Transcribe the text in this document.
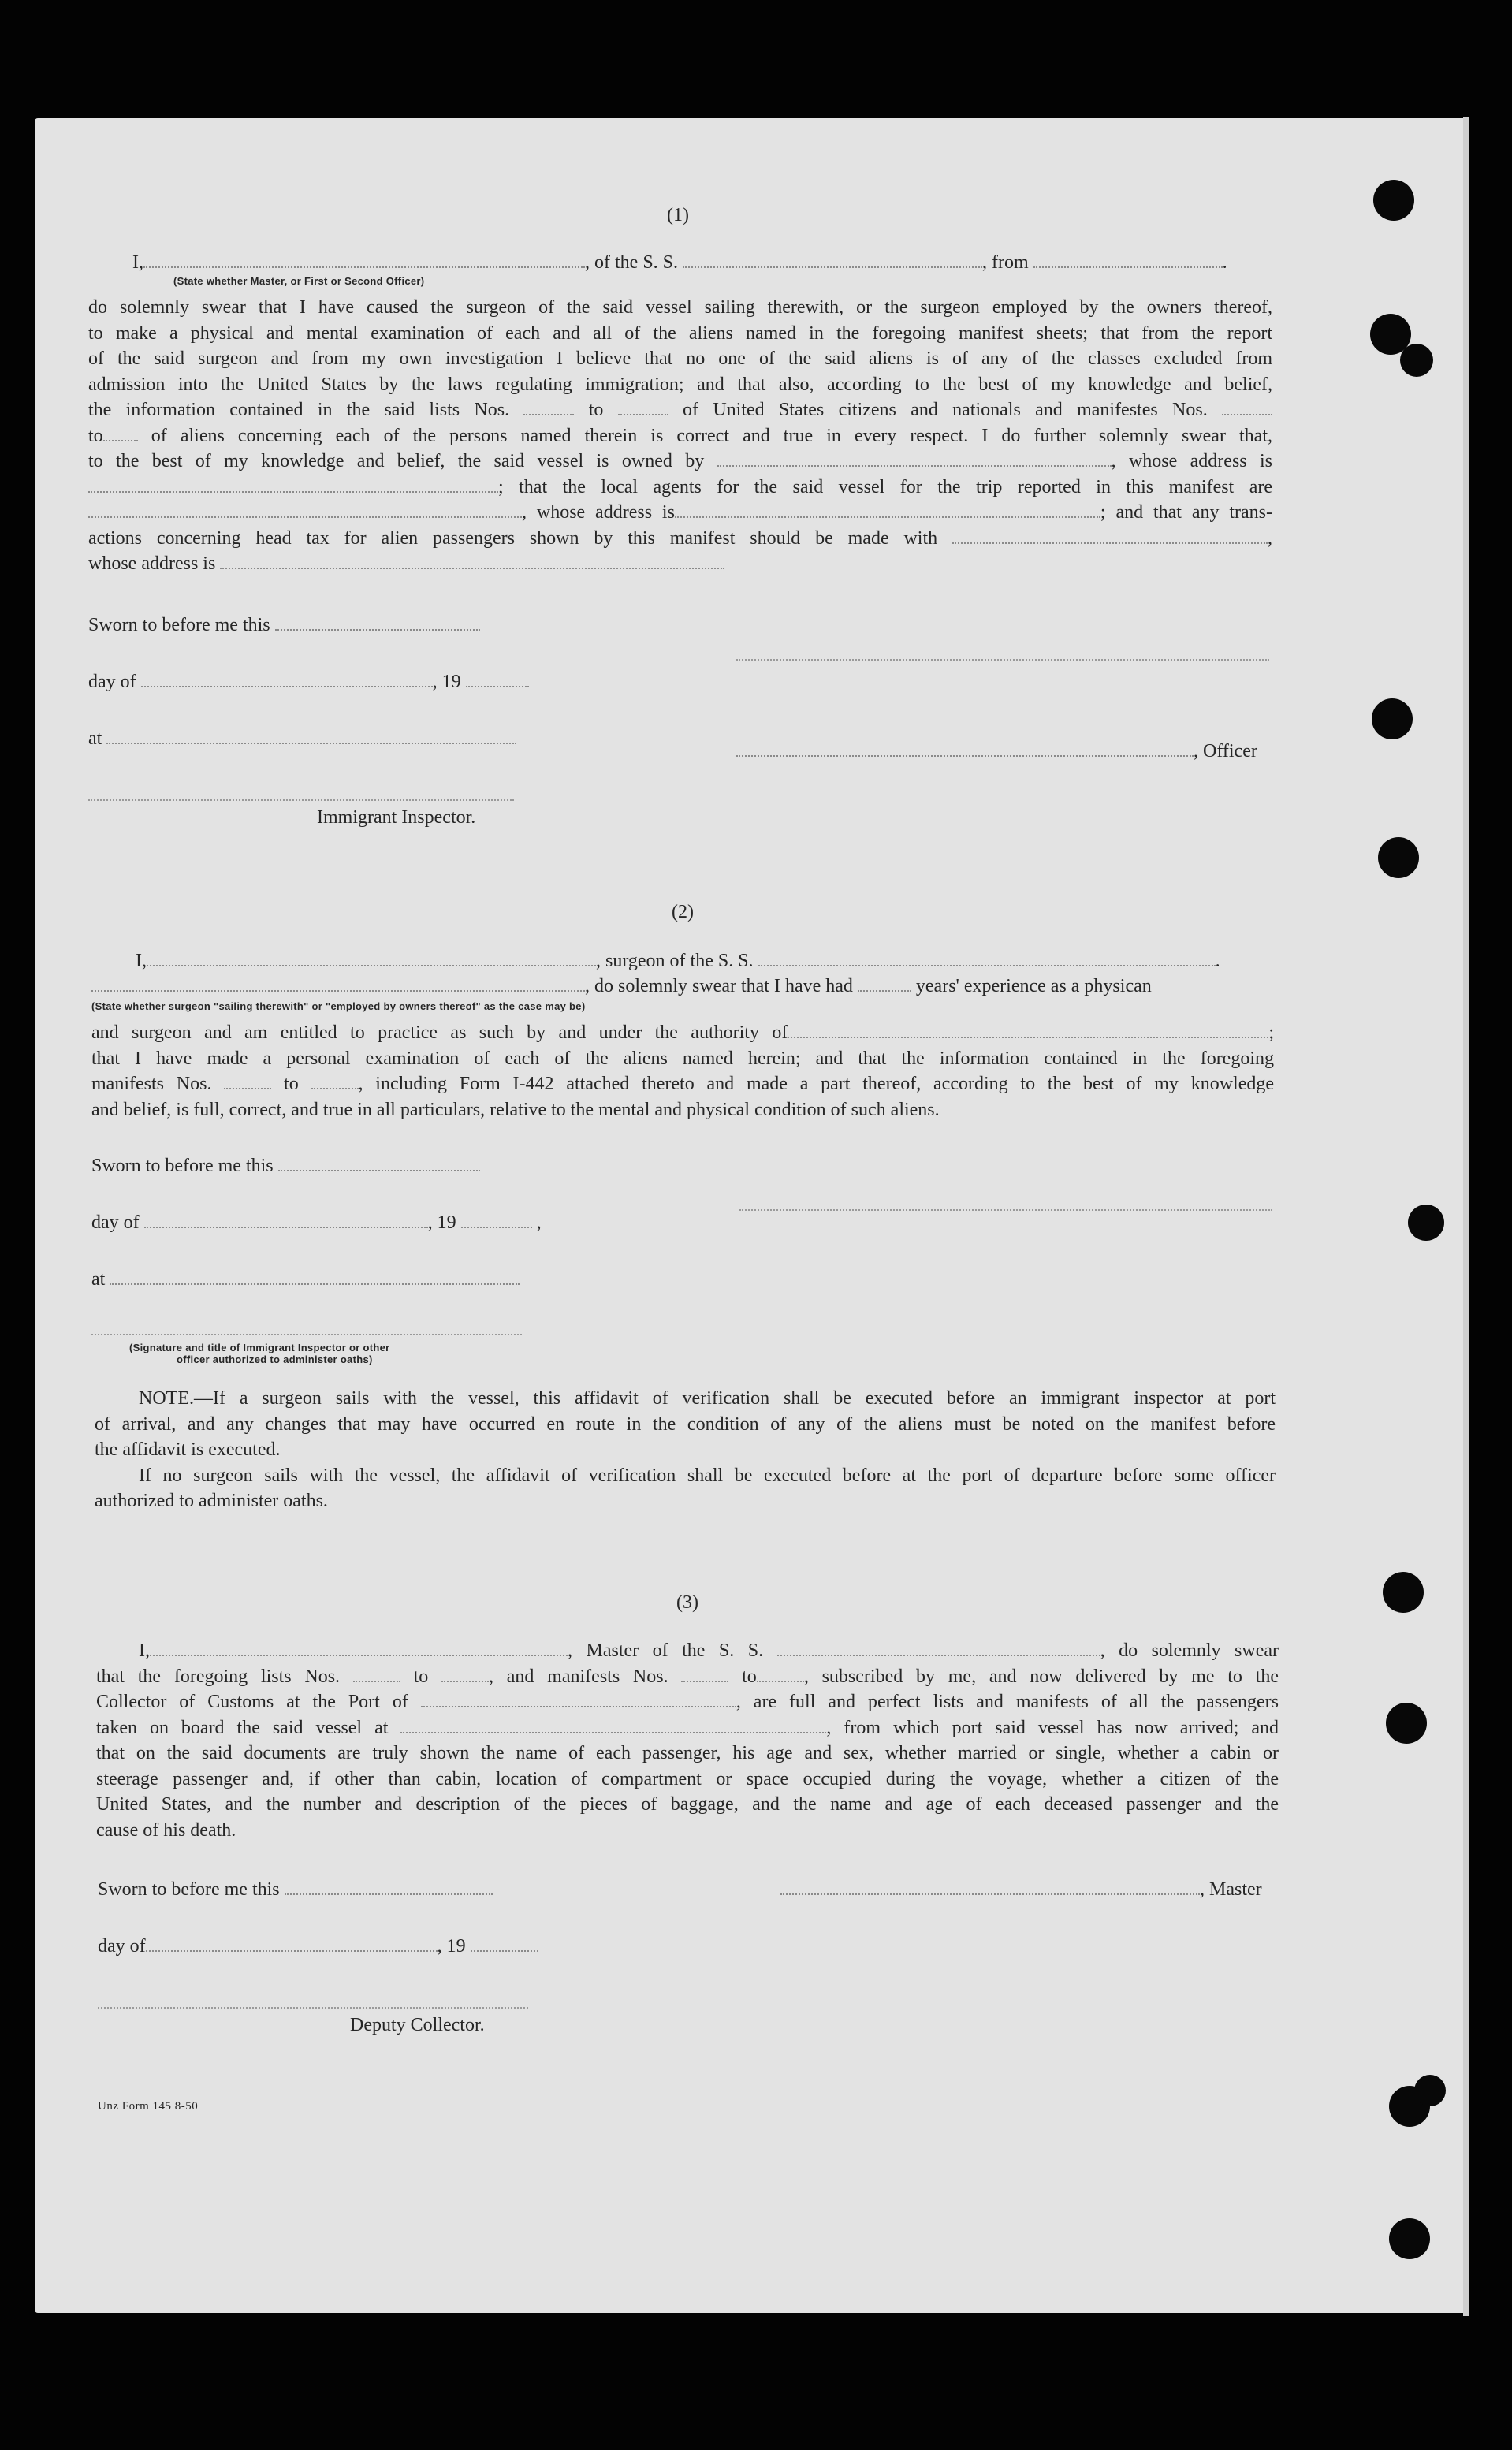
(1)
I,	, of the S. S.	, from	.
(State whether Master, or First or Second Officer)

do solemnly swear that I have caused the surgeon of the said vessel sailing therewith, or the surgeon employed by the owners thereof,

to make a physical and mental examination of each and all of the aliens named in the foregoing manifest sheets; that from the report

of the said surgeon and from my own investigation I believe that no one of the said aliens is of any of the classes excluded from

admission into the United States by the laws regulating immigration; and that also, according to the best of my knowledge and belief,

the information contained in the said lists Nos.	to	of United States citizens and nationals and manifestes Nos.

to	of aliens concerning each of the persons named therein is correct and true in every respect. I do further solemnly swear that,

to the best of my knowledge and belief, the said vessel is owned by	, whose address is

; that the local agents for the said vessel for the trip reported in this manifest are

, whose address is	; and that any trans-

actions concerning head tax for alien passengers shown by this manifest should be made with	,

whose address is

Sworn to before me this
day of	, 19
at
, Officer
Immigrant Inspector.
(2)
I,	, surgeon of the S. S.	.
, do solemnly swear that I have had	years' experience as a physican
(State whether surgeon "sailing therewith" or "employed by owners thereof" as the case may be)

and surgeon and am entitled to practice as such by and under the authority of	;

that I have made a personal examination of each of the aliens named herein; and that the information contained in the foregoing

manifests Nos.	to	, including Form I-442 attached thereto and made a part thereof, according to the best of my knowledge

and belief, is full, correct, and true in all particulars, relative to the mental and physical condition of such aliens.

Sworn to before me this
day of	, 19	,
at
(Signature and title of Immigrant Inspector or other
officer authorized to administer oaths)

NOTE.—If a surgeon sails with the vessel, this affidavit of verification shall be executed before an immigrant inspector at port

of arrival, and any changes that may have occurred en route in the condition of any of the aliens must be noted on the manifest before

the affidavit is executed.

If no surgeon sails with the vessel, the affidavit of verification shall be executed before at the port of departure before some officer

authorized to administer oaths.

(3)

I,	, Master of the S. S.	, do solemnly swear

that the foregoing lists Nos.	to	, and manifests Nos.	to	, subscribed by me, and now delivered by me to the

Collector of Customs at the Port of	, are full and perfect lists and manifests of all the passengers

taken on board the said vessel at	, from which port said vessel has now arrived; and

that on the said documents are truly shown the name of each passenger, his age and sex, whether married or single, whether a cabin or

steerage passenger and, if other than cabin, location of compartment or space occupied during the voyage, whether a citizen of the

United States, and the number and description of the pieces of baggage, and the name and age of each deceased passenger and the

cause of his death.

Sworn to before me this	, Master
day of	, 19
Deputy Collector.
Unz Form 145 8-50
